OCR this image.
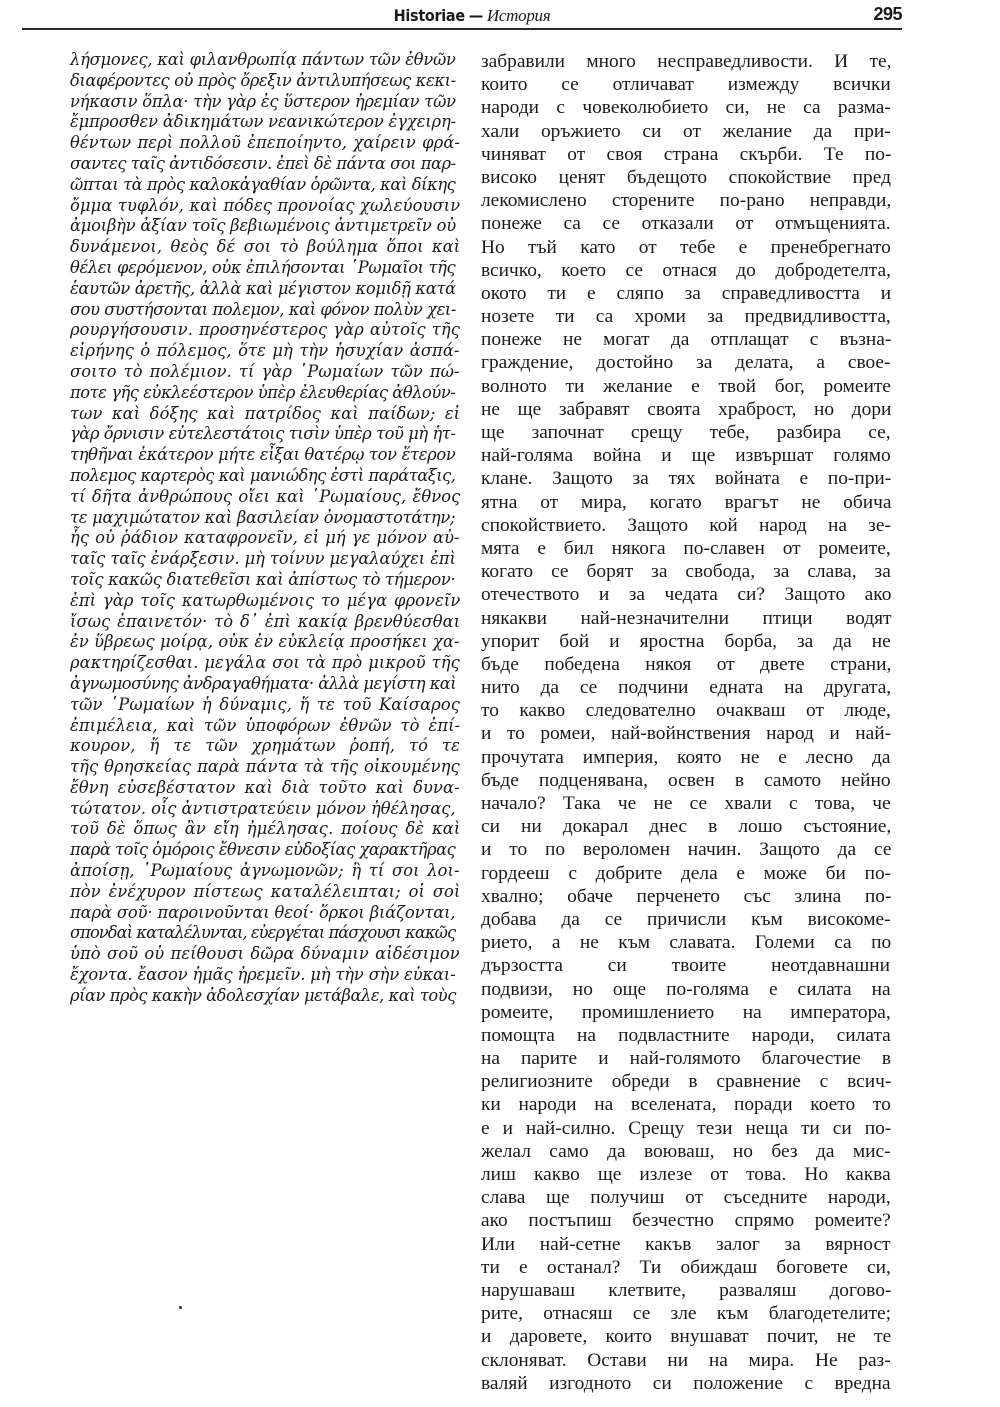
Historiae — История	295
λήσμονες, καὶ φιλανθρωπίᾳ πάντων τῶν ἐθνῶν
διαφέροντες οὐ πρὸς ὄρεξιν ἀντιλυπήσεως κεκι-
νήκασιν ὅπλα· τὴν γὰρ ἐς ὕστερον ἠρεμίαν τῶν
ἔμπροσθεν ἀδικημάτων νεανικώτερον ἐγχειρη-
θέντων περὶ πολλοῦ ἐπεποίηντο, χαίρειν φρά-
σαντες ταῖς ἀντιδόσεσιν. ἐπεὶ δὲ πάντα σοι παρ-
ῶπται τὰ πρὸς καλοκἀγαθίαν ὁρῶντα, καὶ δίκης
ὄμμα τυφλόν, καὶ πόδες προνοίας χωλεύουσιν
ἀμοιβὴν ἀξίαν τοῖς βεβιωμένοις ἀντιμετρεῖν οὐ
δυνάμενοι, θεὸς δέ σοι τὸ βούλημα ὅποι καὶ
θέλει φερόμενον, οὐκ ἐπιλήσονται ῾Ρωμαῖοι τῆς
ἑαυτῶν ἀρετῆς, ἀλλὰ καὶ μέγιστον κομιδῇ κατά
σου συστήσονται πολεμον, καὶ φόνον πολὺν χει-
ρουργήσουσιν. προσηνέστερος γὰρ αὐτοῖς τῆς
εἰρήνης ὁ πόλεμος, ὅτε μὴ τὴν ἡσυχίαν ἀσπά-
σοιτο τὸ πολέμιον. τί γὰρ ῾Ρωμαίων τῶν πώ-
ποτε γῆς εὐκλεέστερον ὑπὲρ ἐλευθερίας ἀθλούν-
των καὶ δόξης καὶ πατρίδος καὶ παίδων; εἰ
γὰρ ὄρνισιν εὐτελεστάτοις τισὶν ὑπὲρ τοῦ μὴ ἡτ-
τηθῆναι ἑκάτερον μήτε εἶξαι θατέρῳ τον ἕτερον
πολεμος καρτερὸς καὶ μανιώδης ἐστὶ παράταξις,
τί δῆτα ἀνθρώπους οἴει καὶ ῾Ρωμαίους, ἔθνος
τε μαχιμώτατον καὶ βασιλείαν ὀνομαστοτάτην;
ἧς οὐ ῥάδιον καταφρονεῖν, εἰ μή γε μόνον αὐ-
ταῖς ταῖς ἐνάρξεσιν. μὴ τοίνυν μεγαλαύχει ἐπὶ
τοῖς κακῶς διατεθεῖσι καὶ ἀπίστως τὸ τήμερον·
ἐπὶ γὰρ τοῖς κατωρθωμένοις το μέγα φρονεῖν
ἴσως ἐπαινετόν· τὸ δ᾽ ἐπὶ κακίᾳ βρενθύεσθαι
ἐν ὕβρεως μοίρᾳ, οὐκ ἐν εὐκλείᾳ προσήκει χα-
ρακτηρίζεσθαι. μεγάλα σοι τὰ πρὸ μικροῦ τῆς
ἀγνωμοσύνης ἀνδραγαθήματα· ἀλλὰ μεγίστη καὶ
τῶν ῾Ρωμαίων ἡ δύναμις, ἥ τε τοῦ Καίσαρος
ἐπιμέλεια, καὶ τῶν ὑποφόρων ἐθνῶν τὸ ἐπί-
κουρον, ἥ τε τῶν χρημάτων ῥοπή, τό τε
τῆς θρησκείας παρὰ πάντα τὰ τῆς οἰκουμένης
ἔθνη εὐσεβέστατον καὶ διὰ τοῦτο καὶ δυνα-
τώτατον. οἷς ἀντιστρατεύειν μόνον ἠθέλησας,
τοῦ δὲ ὅπως ἂν εἴη ἠμέλησας. ποίους δὲ καὶ
παρὰ τοῖς ὁμόροις ἔθνεσιν εὐδοξίας χαρακτῆρας
ἀποίσῃ, ῾Ρωμαίους ἀγνωμονῶν; ἢ τί σοι λοι-
πὸν ἐνέχυρον πίστεως καταλέλειπται; οἱ σοὶ
παρὰ σοῦ· παροινοῦνται θεοί· ὅρκοι βιάζονται,
σπονδαὶ καταλέλυνται, εὐεργέται πάσχουσι κακῶς
ὑπὸ σοῦ οὐ πείθουσι δῶρα δύναμιν αἰδέσιμον
ἔχοντα. ἔασον ἡμᾶς ἠρεμεῖν. μὴ τὴν σὴν εὐκαι-
ρίαν πρὸς κακὴν ἀδολεσχίαν μετάβαλε, καὶ τοὺς
забравили много несправедливости. И те,
които се отличават измежду всички
народи с човеколюбието си, не са разма-
хали оръжието си от желание да при-
чиняват от своя страна скърби. Те по-
високо ценят бъдещото спокойствие пред
лекомислено сторените по-рано неправди,
понеже са се отказали от отмъщенията.
Но тъй като от тебе е пренебрегнато
всичко, което се отнася до добродетелта,
окото ти е сляпо за справедливостта и
нозете ти са хроми за предвидливостта,
понеже не могат да отплащат с възна-
граждение, достойно за делата, а свое-
волното ти желание е твой бог, ромеите
не ще забравят своята храброст, но дори
ще започнат срещу тебе, разбира се,
най-голяма война и ще извършат голямо
клане. Защото за тях войната е по-при-
ятна от мира, когато врагът не обича
спокойствието. Защото кой народ на зе-
мята е бил някога по-славен от ромеите,
когато се борят за свобода, за слава, за
отечеството и за чедата си? Защото ако
някакви най-незначителни птици водят
упорит бой и яростна борба, за да не
бъде победена някоя от двете страни,
нито да се подчини едната на другата,
то какво следователно очакваш от люде,
и то ромеи, най-войнствения народ и най-
прочутата империя, която не е лесно да
бъде подценявана, освен в самото нейно
начало? Така че не се хвали с това, че
си ни докарал днес в лошо състояние,
и то по вероломен начин. Защото да се
гордееш с добрите дела е може би по-
хвално; обаче перченето със злина по-
добава да се причисли към високоме-
рието, а не към славата. Големи са по
дързостта си твоите неотдавнашни
подвизи, но още по-голяма е силата на
ромеите, промишлението на императора,
помощта на подвластните народи, силата
на парите и най-голямото благочестие в
религиозните обреди в сравнение с всич-
ки народи на вселената, поради което то
е и най-силно. Срещу тези неща ти си по-
желал само да воюваш, но без да мис-
лиш какво ще излезе от това. Но каква
слава ще получиш от съседните народи,
ако постъпиш безчестно спрямо ромеите?
Или най-сетне какъв залог за вярност
ти е останал? Ти обиждаш боговете си,
нарушаваш клетвите, разваляш догово-
рите, отнасяш се зле към благодетелите;
и даровете, които внушават почит, не те
склоняват. Остави ни на мира. Не раз-
валяй изгодното си положение с вредна
